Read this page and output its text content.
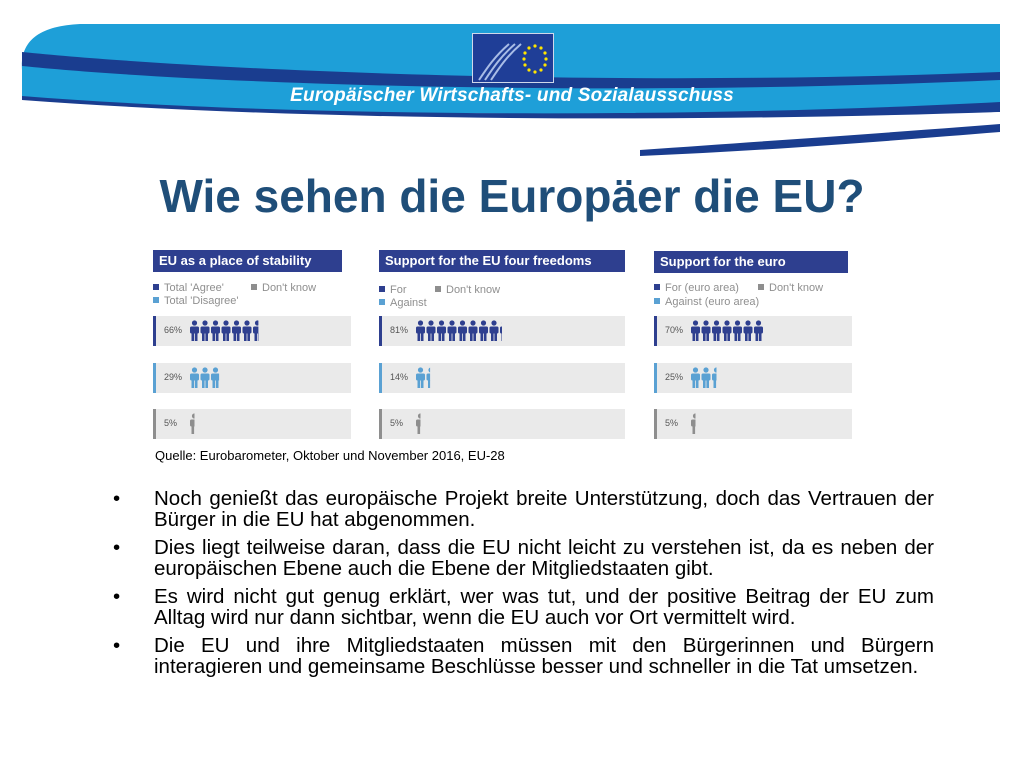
Europäischer Wirtschafts- und Sozialausschuss
Wie sehen die Europäer die EU?
EU as a place of stability
Total 'Agree'
Total 'Disagree'
Don't know
66%
29%
5%
Support for the EU four freedoms
For
Against
Don't know
81%
14%
5%
Support for the euro
For (euro area)
Against (euro area)
Don't know
70%
25%
5%
Quelle: Eurobarometer, Oktober und November 2016, EU-28
• Noch genießt das europäische Projekt breite Unterstützung, doch das Vertrauen der Bürger in die EU hat abgenommen.
• Dies liegt teilweise daran, dass die EU nicht leicht zu verstehen ist, da es neben der europäischen Ebene auch die Ebene der Mitgliedstaaten gibt.
• Es wird nicht gut genug erklärt, wer was tut, und der positive Beitrag der EU zum Alltag wird nur dann sichtbar, wenn die EU auch vor Ort vermittelt wird.
• Die EU und ihre Mitgliedstaaten müssen mit den Bürgerinnen und Bürgern interagieren und gemeinsame Beschlüsse besser und schneller in die Tat umsetzen.
